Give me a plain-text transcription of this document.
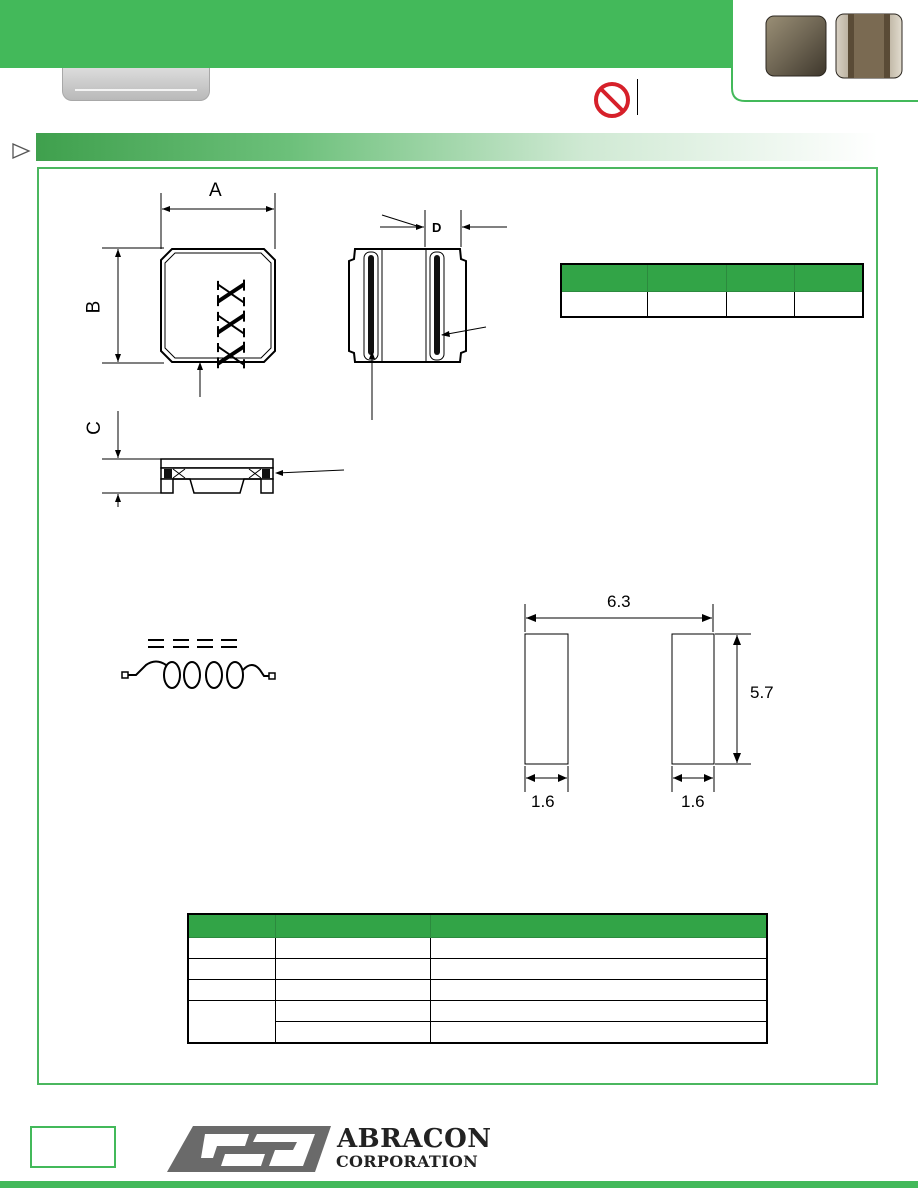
A
B
C
D
XXX

6.3
5.7
1.6	1.6

ABRACON
CORPORATION
